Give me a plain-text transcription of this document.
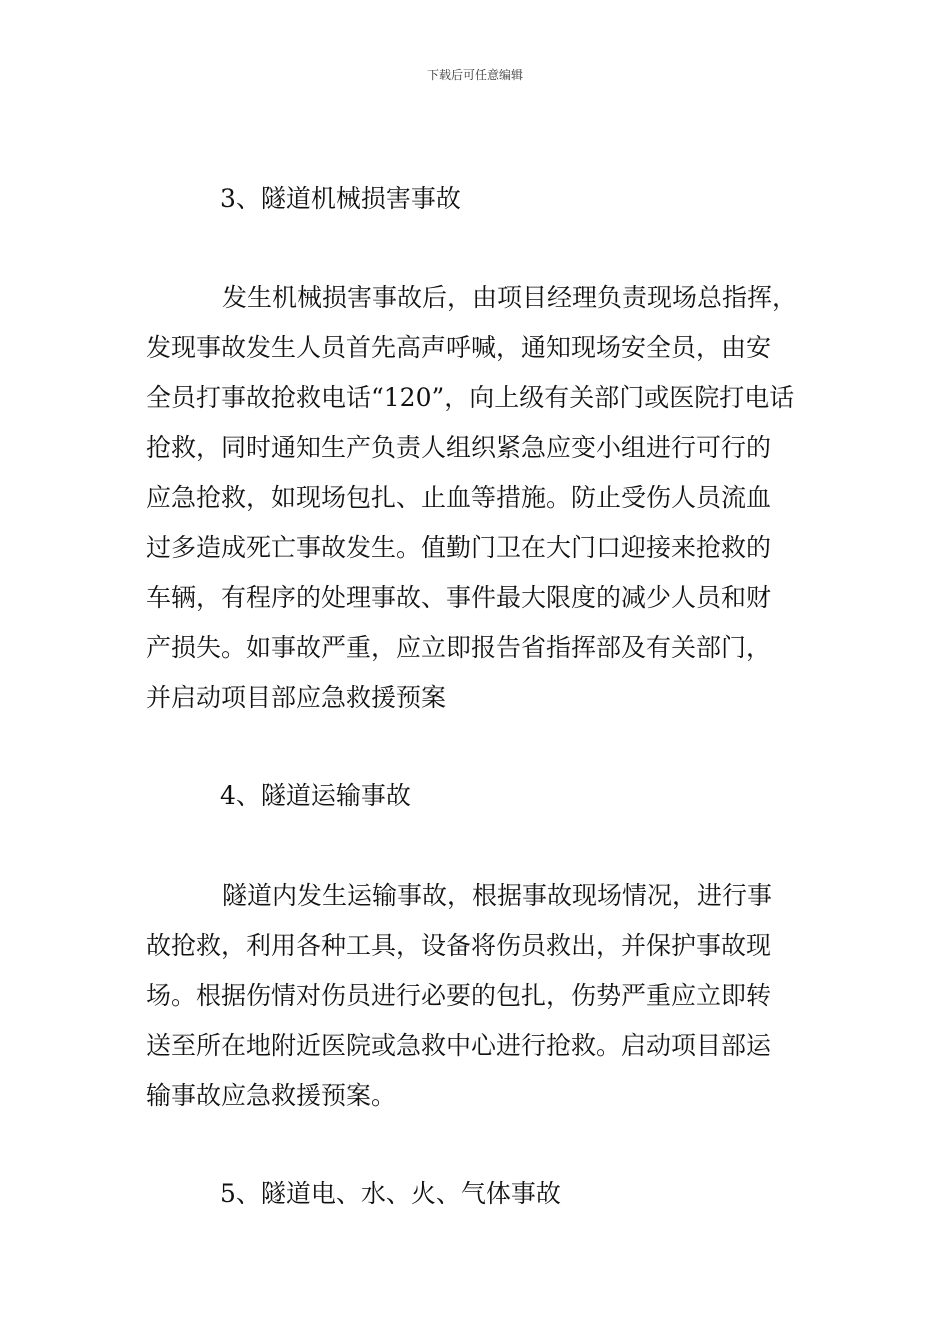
下载后可任意编辑
3、隧道机械损害事故
发生机械损害事故后，由项目经理负责现场总指挥，
发现事故发生人员首先高声呼喊，通知现场安全员，由安
全员打事故抢救电话“120”，向上级有关部门或医院打电话
抢救，同时通知生产负责人组织紧急应变小组进行可行的
应急抢救，如现场包扎、止血等措施。防止受伤人员流血
过多造成死亡事故发生。值勤门卫在大门口迎接来抢救的
车辆，有程序的处理事故、事件最大限度的减少人员和财
产损失。如事故严重，应立即报告省指挥部及有关部门，
并启动项目部应急救援预案
4、隧道运输事故
隧道内发生运输事故，根据事故现场情况，进行事
故抢救，利用各种工具，设备将伤员救出，并保护事故现
场。根据伤情对伤员进行必要的包扎，伤势严重应立即转
送至所在地附近医院或急救中心进行抢救。启动项目部运
输事故应急救援预案。
5、隧道电、水、火、气体事故
